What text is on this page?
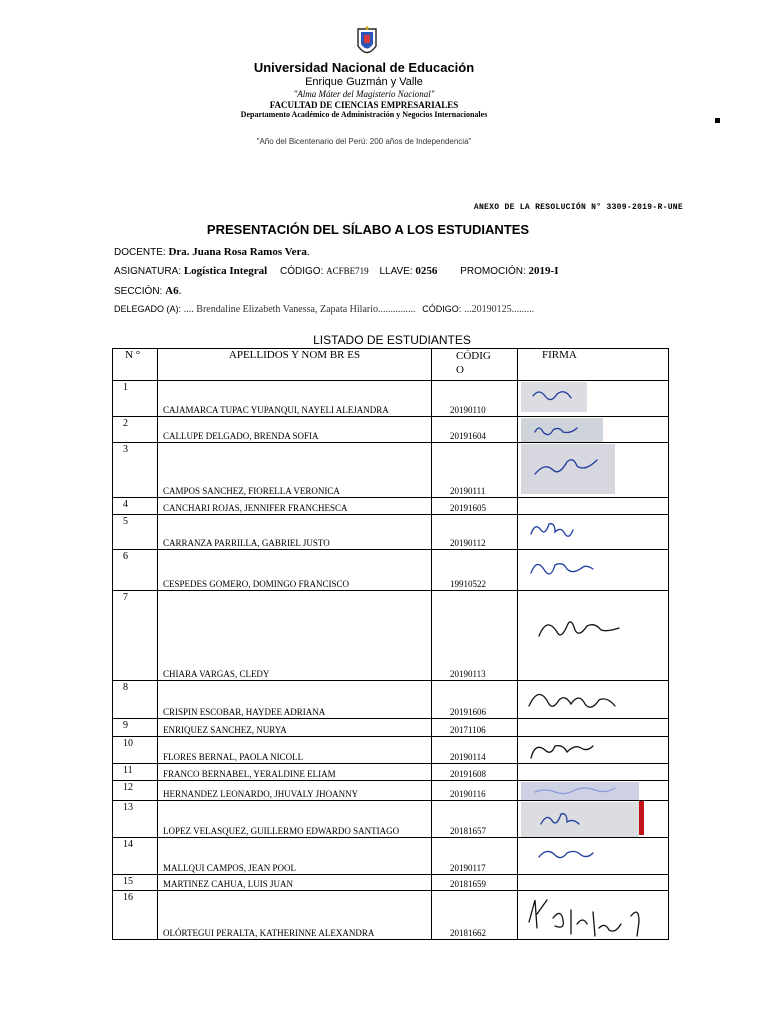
Universidad Nacional de Educación
Enrique Guzmán y Valle
"Alma Máter del Magisterio Nacional"
FACULTAD DE CIENCIAS EMPRESARIALES
Departamento Académico de Administración y Negocios Internacionales
"Año del Bicentenario del Perú: 200 años de Independencia"
ANEXO DE LA RESOLUCIÓN N° 3309-2019-R-UNE
PRESENTACIÓN DEL SÍLABO A LOS ESTUDIANTES
DOCENTE: Dra. Juana Rosa Ramos Vera.
ASIGNATURA: Logística Integral CÓDIGO: ACFBE719 LLAVE: 0256 PROMOCIÓN: 2019-I
SECCIÓN: A6.
DELEGADO (A): .... Brendaline Elizabeth Vanessa, Zapata Hilario............... CÓDIGO: ...20190125.........
LISTADO DE ESTUDIANTES
N °	APELLIDOS Y NOM BR ES	CÓDIG O	FIRMA
1	CAJAMARCA TUPAC YUPANQUI, NAYELI ALEJANDRA	20190110

2	CALLUPE DELGADO, BRENDA SOFIA	20191604

3	CAMPOS SANCHEZ, FIORELLA VERONICA	20190111

4	CANCHARI ROJAS, JENNIFER FRANCHESCA	20191605	

5	CARRANZA PARRILLA, GABRIEL JUSTO	20190112

6	CESPEDES GOMERO, DOMINGO FRANCISCO	19910522

7	CHIARA VARGAS, CLEDY	20190113

8	CRISPIN ESCOBAR, HAYDEE ADRIANA	20191606

9	ENRIQUEZ SANCHEZ, NURYA	20171106	

10	FLORES BERNAL, PAOLA NICOLL	20190114

11	FRANCO BERNABEL, YERALDINE ELIAM	20191608	

12	HERNANDEZ LEONARDO, JHUVALY JHOANNY	20190116

13	LOPEZ VELASQUEZ, GUILLERMO EDWARDO SANTIAGO	20181657

14	MALLQUI CAMPOS, JEAN POOL	20190117

15	MARTINEZ CAHUA, LUIS JUAN	20181659	

16	OLÓRTEGUI PERALTA, KATHERINNE ALEXANDRA	20181662
